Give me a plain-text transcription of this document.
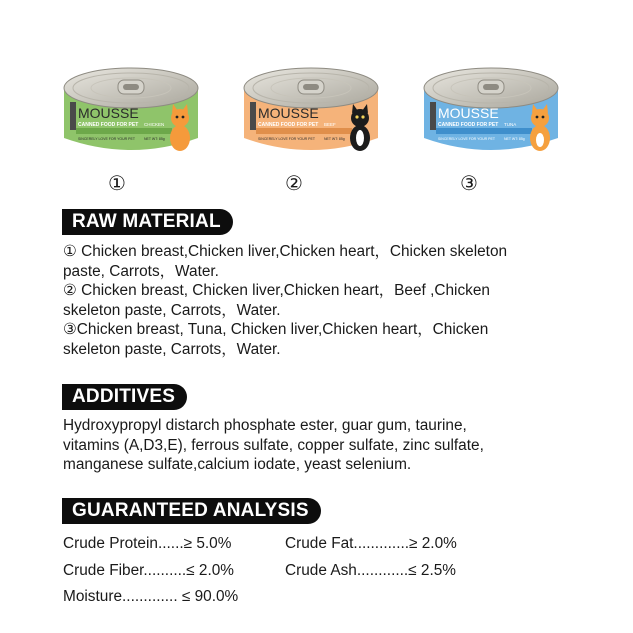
MOUSSE
CANNED FOOD FOR PET CHICKEN
SINCERELY LOVE FOR YOUR PET	NET WT: 85g
①
MOUSSE
CANNED FOOD FOR PET BEEF
SINCERELY LOVE FOR YOUR PET	NET WT: 85g
②
MOUSSE
CANNED FOOD FOR PET TUNA
SINCERELY LOVE FOR YOUR PET	NET WT: 85g
③
RAW MATERIAL
① Chicken breast,Chicken liver,Chicken heart，Chicken skeleton
paste, Carrots，Water.
② Chicken breast, Chicken liver,Chicken heart，Beef ,Chicken
skeleton paste, Carrots，Water.
③Chicken breast, Tuna, Chicken liver,Chicken heart，Chicken
skeleton paste, Carrots，Water.
ADDITIVES
Hydroxypropyl distarch phosphate ester, guar gum, taurine,
vitamins (A,D3,E), ferrous sulfate, copper sulfate, zinc sulfate,
manganese sulfate,calcium iodate, yeast selenium.
GUARANTEED ANALYSIS
Crude Protein......≥ 5.0%	Crude Fat.............≥ 2.0%
Crude Fiber..........≤ 2.0%	Crude Ash............≤ 2.5%
Moisture............. ≤ 90.0%
